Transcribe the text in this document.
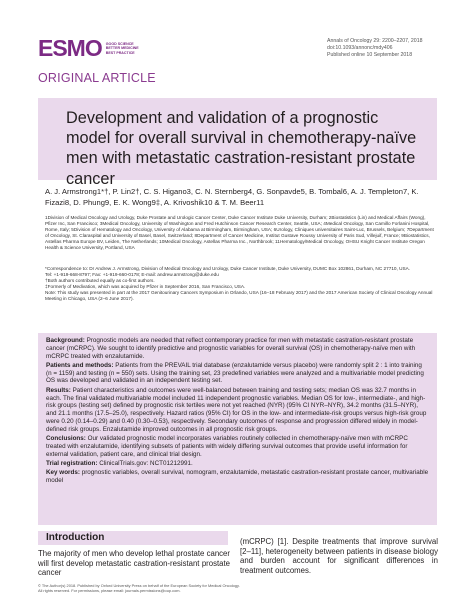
ESMO GOOD SCIENCE
BETTER MEDICINE
BEST PRACTICE
Annals of Oncology 29: 2200–2207, 2018
doi:10.1093/annonc/mdy406
Published online 10 September 2018
ORIGINAL ARTICLE
Development and validation of a prognostic model for overall survival in chemotherapy-naïve men with metastatic castration-resistant prostate cancer
A. J. Armstrong1*†, P. Lin2†, C. S. Higano3, C. N. Sternberg4, G. Sonpavde5, B. Tombal6, A. J. Templeton7, K. Fizazi8, D. Phung9, E. K. Wong9‡, A. Krivoshik10 & T. M. Beer11

1Division of Medical Oncology and Urology, Duke Prostate and Urologic Cancer Center, Duke Cancer Institute Duke University, Durham; 2Biostatistics (Lin) and Medical Affairs (Wong), Pfizer Inc, San Francisco; 3Medical Oncology, University of Washington and Fred Hutchinson Cancer Research Center, Seattle, USA; 4Medical Oncology, San Camillo Forlanini Hospital, Rome, Italy; 5Division of Hematology and Oncology, University of Alabama at Birmingham, Birmingham, USA; 6Urology, Cliniques universitaires Saint-Luc, Brussels, Belgium; 7Department of Oncology, St. Claraspital and University of Basel, Basel, Switzerland; 8Department of Cancer Medicine, Institut Gustave Roussy University of Paris Sud, Villejuif, France; 9Biostatistics, Astellas Pharma Europe BV, Leiden, The Netherlands; 10Medical Oncology, Astellas Pharma Inc., Northbrook; 11Hematology/Medical Oncology, OHSU Knight Cancer Institute Oregon Health & Science University, Portland, USA

*Correspondence to: Dr Andrew J. Armstrong, Division of Medical Oncology and Urology, Duke Cancer Institute, Duke University, DUMC Box 102861, Durham, NC 27710, USA.

Tel: +1-919-668-8797; Fax: +1-919-660-0178; E-mail: andrew.armstrong@duke.edu

†Both authors contributed equally as co-first authors.

‡Formerly of Medivation, which was acquired by Pfizer in September 2016, San Francisco, USA.

Note: This study was presented in part at the 2017 Genitourinary Cancers Symposium in Orlando, USA (16–18 February 2017) and the 2017 American Society of Clinical Oncology Annual Meeting in Chicago, USA (2–6 June 2017).

Background: Prognostic models are needed that reflect contemporary practice for men with metastatic castration-resistant prostate cancer (mCRPC). We sought to identify predictive and prognostic variables for overall survival (OS) in chemotherapy-naïve men with mCRPC treated with enzalutamide.

Patients and methods: Patients from the PREVAIL trial database (enzalutamide versus placebo) were randomly split 2 : 1 into training (n = 1159) and testing (n = 550) sets. Using the training set, 23 predefined variables were analyzed and a multivariable model predicting OS was developed and validated in an independent testing set.

Results: Patient characteristics and outcomes were well-balanced between training and testing sets; median OS was 32.7 months in each. The final validated multivariable model included 11 independent prognostic variables. Median OS for low-, intermediate-, and high-risk groups (testing set) defined by prognostic risk tertiles were not yet reached (NYR) (95% CI NYR–NYR), 34.2 months (31.5–NYR), and 21.1 months (17.5–25.0), respectively. Hazard ratios (95% CI) for OS in the low- and intermediate-risk groups versus high-risk group were 0.20 (0.14–0.29) and 0.40 (0.30–0.53), respectively. Secondary outcomes of response and progression differed widely in model-defined risk groups. Enzalutamide improved outcomes in all prognostic risk groups.

Conclusions: Our validated prognostic model incorporates variables routinely collected in chemotherapy-naïve men with mCRPC treated with enzalutamide, identifying subsets of patients with widely differing survival outcomes that provide useful information for external validation, patient care, and clinical trial design.

Trial registration: ClinicalTrials.gov: NCT01212991.

Key words: prognostic variables, overall survival, nomogram, enzalutamide, metastatic castration-resistant prostate cancer, multivariable model

Introduction
The majority of men who develop lethal prostate cancer will first develop metastatic castration-resistant prostate cancer
(mCRPC) [1]. Despite treatments that improve survival [2–11], heterogeneity between patients in disease biology and burden account for significant differences in treatment outcomes.
© The Author(s) 2018. Published by Oxford University Press on behalf of the European Society for Medical Oncology.
All rights reserved. For permissions, please email: journals.permissions@oup.com.
